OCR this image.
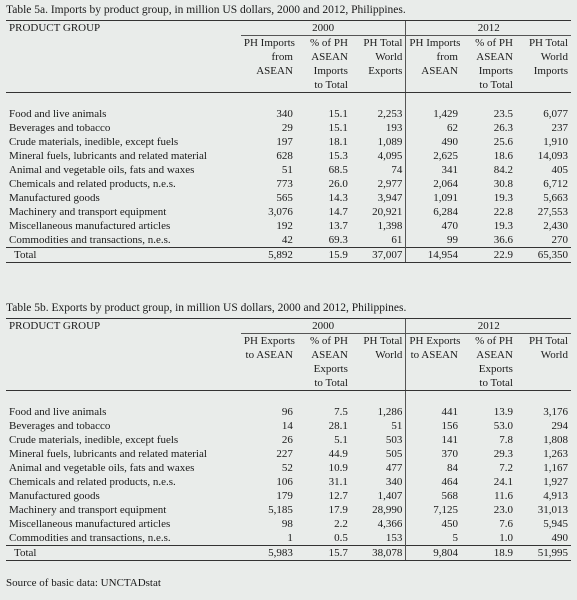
Table 5a. Imports by product group, in million US dollars, 2000 and 2012, Philippines.
PRODUCT GROUP	2000			2012		
	PH Imports	% of PH	PH Total	PH Imports	% of PH	PH Total
	from	ASEAN	World	from	ASEAN	World
	ASEAN	Imports	Exports	ASEAN	Imports	Imports
		to Total			to Total	

Food and live animals	340	15.1	2,253	1,429	23.5	6,077
Beverages and tobacco	29	15.1	193	62	26.3	237
Crude materials, inedible, except fuels	197	18.1	1,089	490	25.6	1,910
Mineral fuels, lubricants and related material	628	15.3	4,095	2,625	18.6	14,093
Animal and vegetable oils, fats and waxes	51	68.5	74	341	84.2	405
Chemicals and related products, n.e.s.	773	26.0	2,977	2,064	30.8	6,712
Manufactured goods	565	14.3	3,947	1,091	19.3	5,663
Machinery and transport equipment	3,076	14.7	20,921	6,284	22.8	27,553
Miscellaneous manufactured articles	192	13.7	1,398	470	19.3	2,430
Commodities and transactions, n.e.s.	42	69.3	61	99	36.6	270
Total	5,892	15.9	37,007	14,954	22.9	65,350
Table 5b. Exports by product group, in million US dollars, 2000 and 2012, Philippines.
PRODUCT GROUP	2000			2012		
	PH Exports	% of PH	PH Total	PH Exports	% of PH	PH Total
	to ASEAN	ASEAN	World	to ASEAN	ASEAN	World
		Exports			Exports	
		to Total			to Total	

Food and live animals	96	7.5	1,286	441	13.9	3,176
Beverages and tobacco	14	28.1	51	156	53.0	294
Crude materials, inedible, except fuels	26	5.1	503	141	7.8	1,808
Mineral fuels, lubricants and related material	227	44.9	505	370	29.3	1,263
Animal and vegetable oils, fats and waxes	52	10.9	477	84	7.2	1,167
Chemicals and related products, n.e.s.	106	31.1	340	464	24.1	1,927
Manufactured goods	179	12.7	1,407	568	11.6	4,913
Machinery and transport equipment	5,185	17.9	28,990	7,125	23.0	31,013
Miscellaneous manufactured articles	98	2.2	4,366	450	7.6	5,945
Commodities and transactions, n.e.s.	1	0.5	153	5	1.0	490
Total	5,983	15.7	38,078	9,804	18.9	51,995
Source of basic data: UNCTADstat
